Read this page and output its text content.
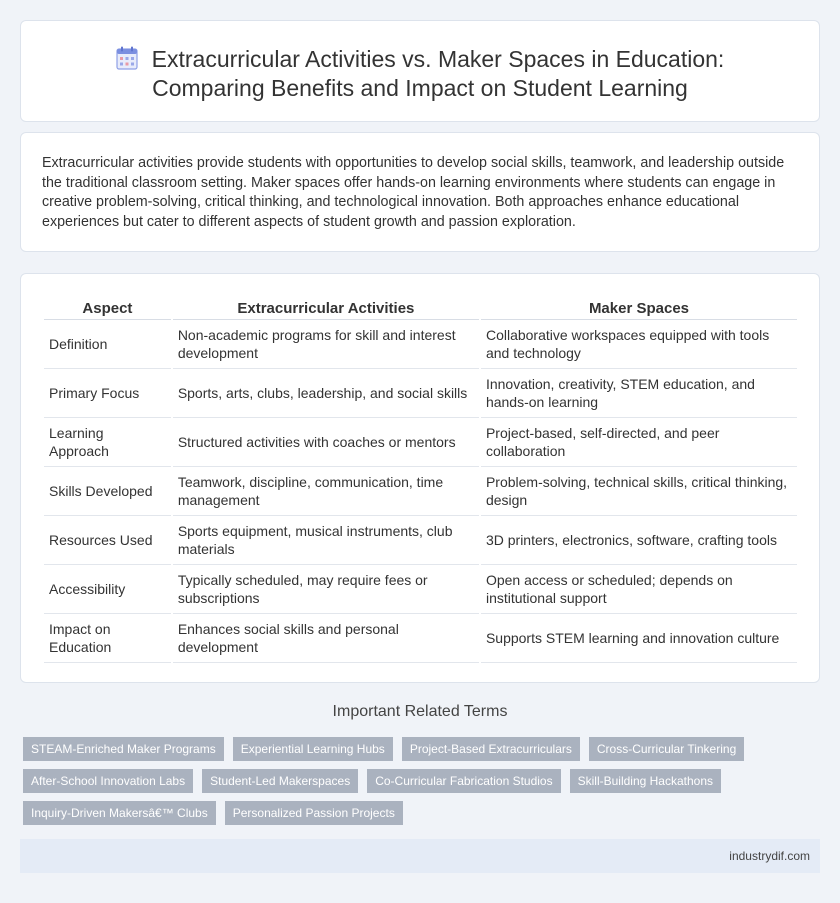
Extracurricular Activities vs. Maker Spaces in Education:
Comparing Benefits and Impact on Student Learning

Extracurricular activities provide students with opportunities to develop social skills, teamwork, and leadership outside the traditional classroom setting. Maker spaces offer hands-on learning environments where students can engage in creative problem-solving, critical thinking, and technological innovation. Both approaches enhance educational experiences but cater to different aspects of student growth and passion exploration.

Aspect	Extracurricular Activities	Maker Spaces
Definition	Non-academic programs for skill and interest development	Collaborative workspaces equipped with tools and technology
Primary Focus	Sports, arts, clubs, leadership, and social skills	Innovation, creativity, STEM education, and hands-on learning
Learning Approach	Structured activities with coaches or mentors	Project-based, self-directed, and peer collaboration
Skills Developed	Teamwork, discipline, communication, time management	Problem-solving, technical skills, critical thinking, design
Resources Used	Sports equipment, musical instruments, club materials	3D printers, electronics, software, crafting tools
Accessibility	Typically scheduled, may require fees or subscriptions	Open access or scheduled; depends on institutional support
Impact on Education	Enhances social skills and personal development	Supports STEM learning and innovation culture
Important Related Terms
STEAM-Enriched Maker Programs	Experiential Learning Hubs	Project-Based Extracurriculars	Cross-Curricular Tinkering
After-School Innovation Labs	Student-Led Makerspaces	Co-Curricular Fabrication Studios	Skill-Building Hackathons
Inquiry-Driven Makersâ€™ Clubs	Personalized Passion Projects
industrydif.com
